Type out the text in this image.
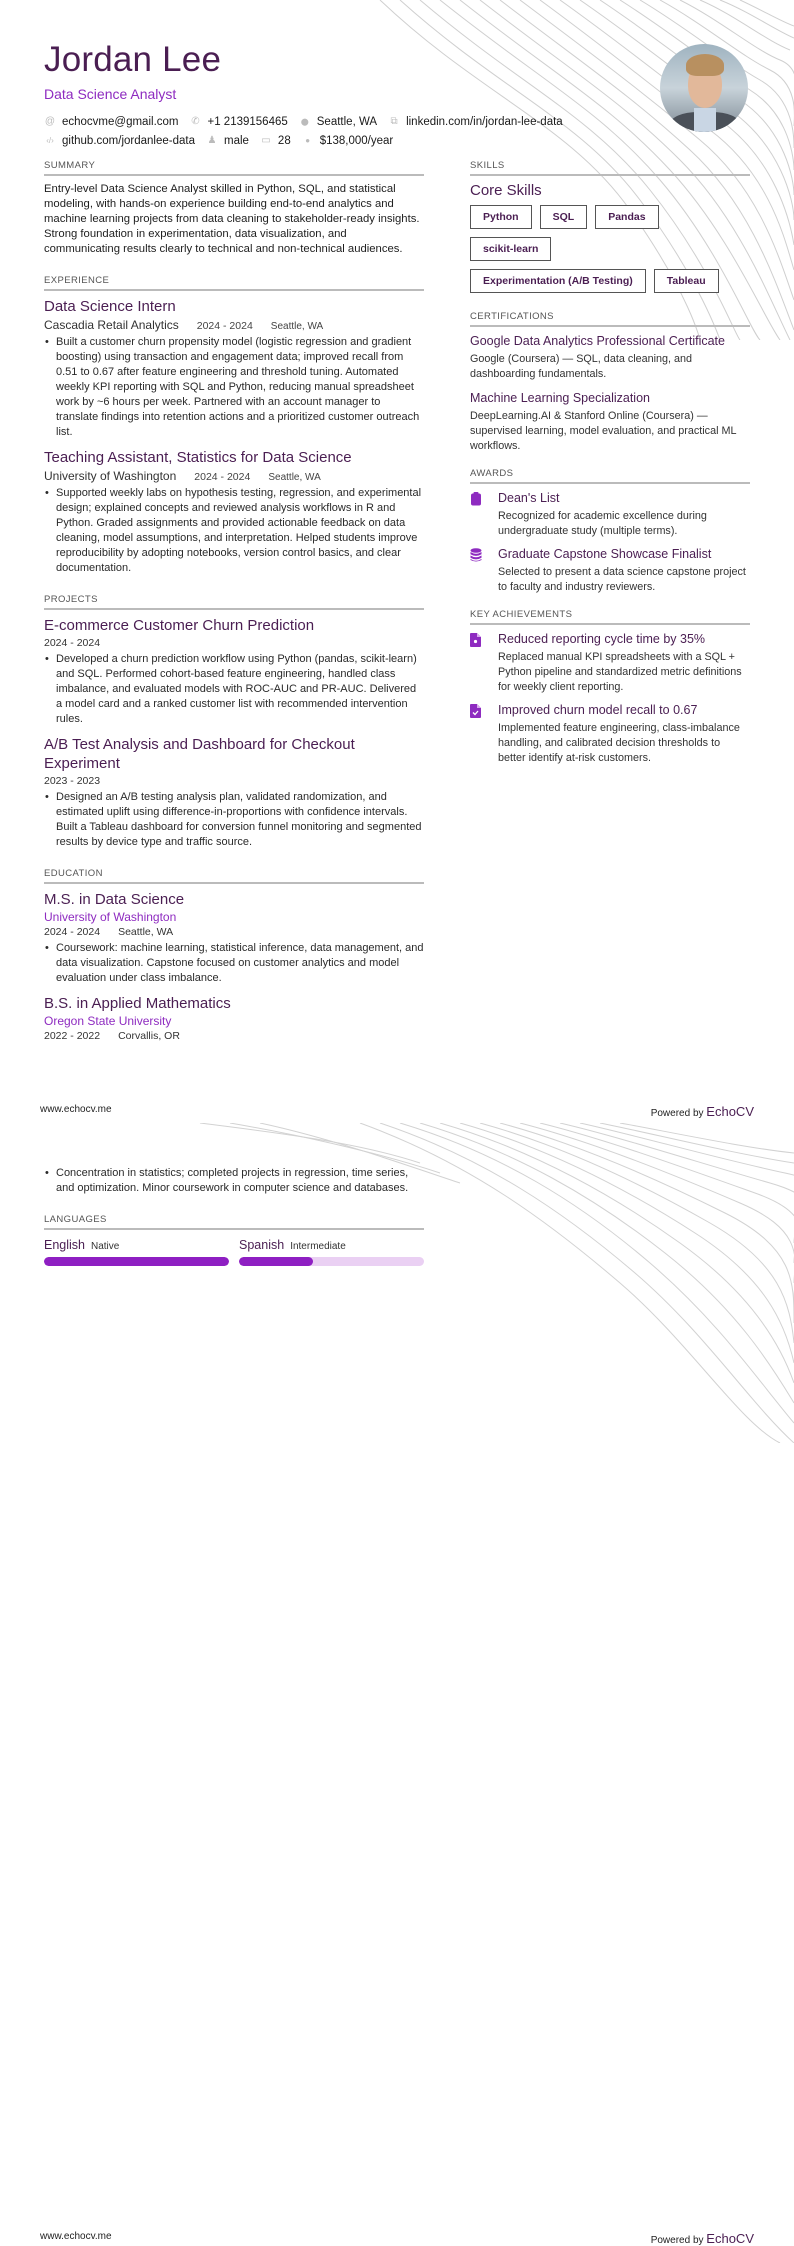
Jordan Lee
Data Science Analyst
@ echocvme@gmail.com ✆ +1 2139156465 ⬤ Seattle, WA ⧉ linkedin.com/in/jordan-lee-data
‹/› github.com/jordanlee-data ♟ male ▭ 28	● $138,000/year
SUMMARY
Entry-level Data Science Analyst skilled in Python, SQL, and statistical modeling, with hands-on experience building end-to-end analytics and machine learning projects from data cleaning to stakeholder-ready insights.
Strong foundation in experimentation, data visualization, and communicating results clearly to technical and non-technical audiences.
EXPERIENCE
Data Science Intern
Cascadia Retail Analytics 2024 - 2024 Seattle, WA
• Built a customer churn propensity model (logistic regression and gradient boosting) using transaction and engagement data; improved recall from 0.51 to 0.67 after feature engineering and threshold tuning. Automated weekly KPI reporting with SQL and Python, reducing manual spreadsheet work by ~6 hours per week. Partnered with an account manager to translate findings into retention actions and a prioritized customer outreach list.
Teaching Assistant, Statistics for Data Science
University of Washington 2024 - 2024 Seattle, WA
• Supported weekly labs on hypothesis testing, regression, and experimental design; explained concepts and reviewed analysis workflows in R and Python. Graded assignments and provided actionable feedback on data cleaning, model assumptions, and interpretation. Helped students improve reproducibility by adopting notebooks, version control basics, and clear documentation.
PROJECTS
E-commerce Customer Churn Prediction
2024 - 2024
• Developed a churn prediction workflow using Python (pandas, scikit-learn) and SQL. Performed cohort-based feature engineering, handled class imbalance, and evaluated models with ROC-AUC and PR-AUC. Delivered a model card and a ranked customer list with recommended intervention rules.
A/B Test Analysis and Dashboard for Checkout Experiment
2023 - 2023
• Designed an A/B testing analysis plan, validated randomization, and estimated uplift using difference-in-proportions with confidence intervals. Built a Tableau dashboard for conversion funnel monitoring and segmented results by device type and traffic source.
EDUCATION
M.S. in Data Science
University of Washington
2024 - 2024 Seattle, WA
• Coursework: machine learning, statistical inference, data management, and data visualization. Capstone focused on customer analytics and model evaluation under class imbalance.
B.S. in Applied Mathematics
Oregon State University
2022 - 2022 Corvallis, OR
SKILLS
Core Skills
Python	SQL	Pandas
scikit-learn
Experimentation (A/B Testing)	Tableau
CERTIFICATIONS
Google Data Analytics Professional Certificate
Google (Coursera) — SQL, data cleaning, and dashboarding fundamentals.
Machine Learning Specialization
DeepLearning.AI & Stanford Online (Coursera) — supervised learning, model evaluation, and practical ML workflows.
AWARDS
Dean's List
Recognized for academic excellence during undergraduate study (multiple terms).
Graduate Capstone Showcase Finalist
Selected to present a data science capstone project to faculty and industry reviewers.
KEY ACHIEVEMENTS
Reduced reporting cycle time by 35%
Replaced manual KPI spreadsheets with a SQL + Python pipeline and standardized metric definitions for weekly client reporting.
Improved churn model recall to 0.67
Implemented feature engineering, class-imbalance handling, and calibrated decision thresholds to better identify at-risk customers.
www.echocv.me	Powered by EchoCV
• Concentration in statistics; completed projects in regression, time series, and optimization. Minor coursework in computer science and databases.
LANGUAGES
English Native	Spanish Intermediate
www.echocv.me	Powered by EchoCV
